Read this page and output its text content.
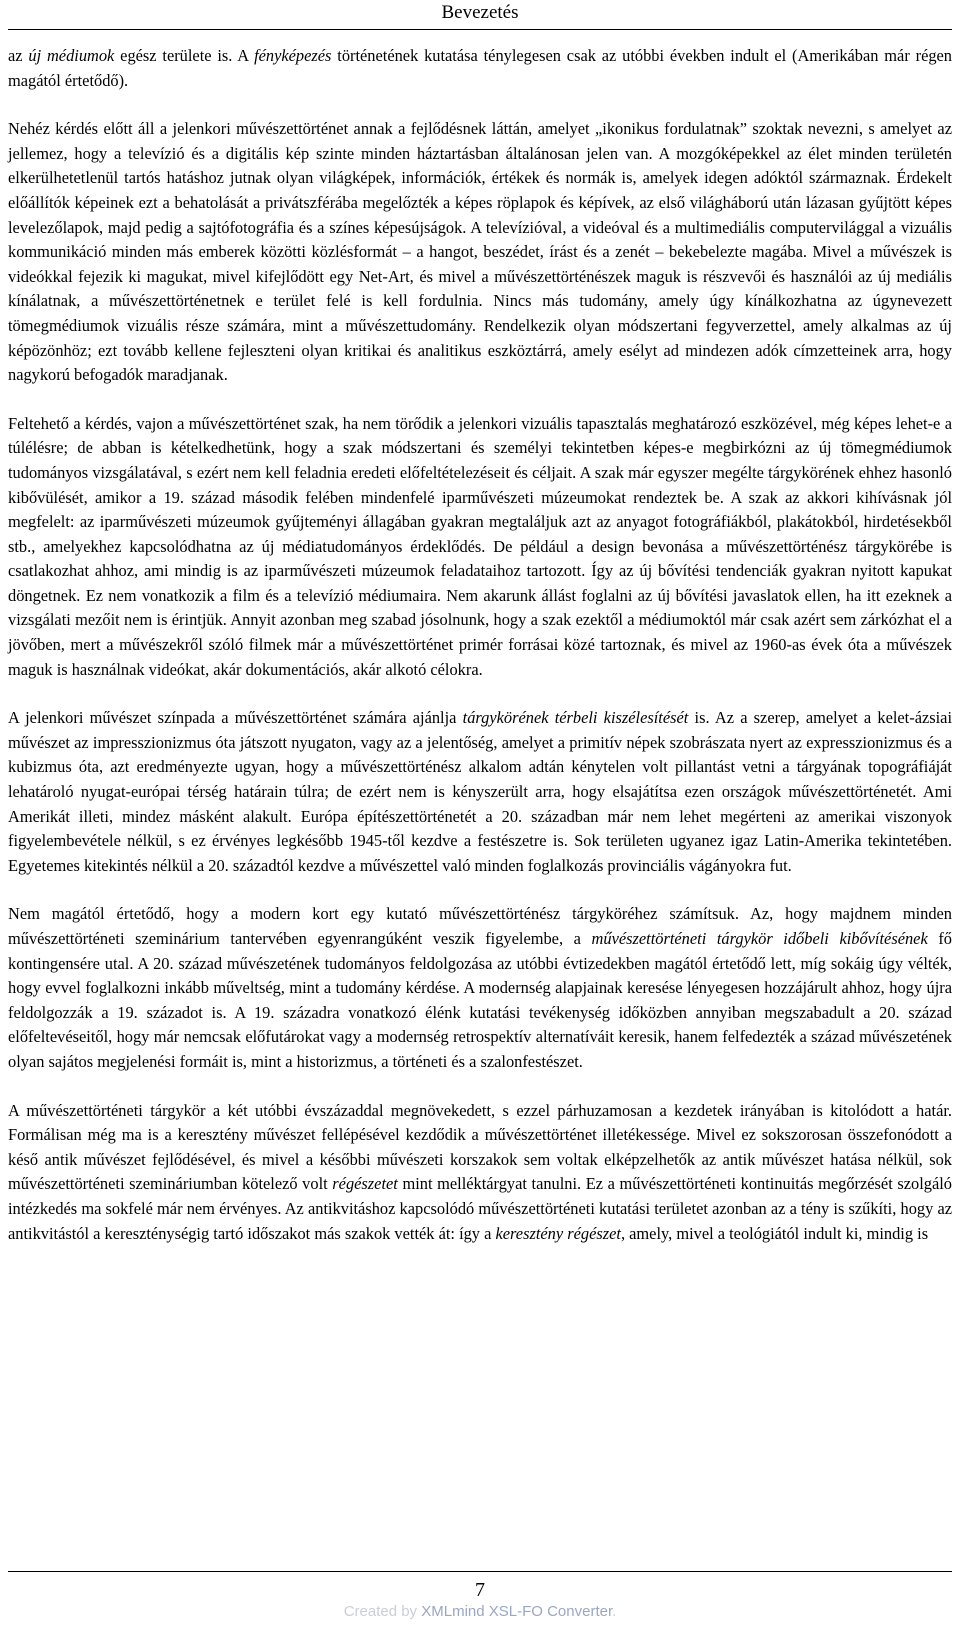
Bevezetés

az új médiumok egész területe is. A fényképezés történetének kutatása ténylegesen csak az utóbbi években indult el (Amerikában már régen magától értetődő).

Nehéz kérdés előtt áll a jelenkori művészettörténet annak a fejlődésnek láttán, amelyet „ikonikus fordulatnak” szoktak nevezni, s amelyet az jellemez, hogy a televízió és a digitális kép szinte minden háztartásban általánosan jelen van. A mozgóképekkel az élet minden területén elkerülhetetlenül tartós hatáshoz jutnak olyan világképek, információk, értékek és normák is, amelyek idegen adóktól származnak. Érdekelt előállítók képeinek ezt a behatolását a privátszférába megelőzték a képes röplapok és képívek, az első világháború után lázasan gyűjtött képes levelezőlapok, majd pedig a sajtófotográfia és a színes képesújságok. A televízióval, a videóval és a multimediális computervilággal a vizuális kommunikáció minden más emberek közötti közlésformát – a hangot, beszédet, írást és a zenét – bekebelezte magába. Mivel a művészek is videókkal fejezik ki magukat, mivel kifejlődött egy Net-Art, és mivel a művészettörténészek maguk is részvevői és használói az új mediális kínálatnak, a művészettörténetnek e terület felé is kell fordulnia. Nincs más tudomány, amely úgy kínálkozhatna az úgynevezett tömegmédiumok vizuális része számára, mint a művészettudomány. Rendelkezik olyan módszertani fegyverzettel, amely alkalmas az új képözönhöz; ezt tovább kellene fejleszteni olyan kritikai és analitikus eszköztárrá, amely esélyt ad mindezen adók címzetteinek arra, hogy nagykorú befogadók maradjanak.

Feltehető a kérdés, vajon a művészettörténet szak, ha nem törődik a jelenkori vizuális tapasztalás meghatározó eszközével, még képes lehet-e a túlélésre; de abban is kételkedhetünk, hogy a szak módszertani és személyi tekintetben képes-e megbirkózni az új tömegmédiumok tudományos vizsgálatával, s ezért nem kell feladnia eredeti előfeltételezéseit és céljait. A szak már egyszer megélte tárgykörének ehhez hasonló kibővülését, amikor a 19. század második felében mindenfelé iparművészeti múzeumokat rendeztek be. A szak az akkori kihívásnak jól megfelelt: az iparművészeti múzeumok gyűjteményi állagában gyakran megtaláljuk azt az anyagot fotográfiákból, plakátokból, hirdetésekből stb., amelyekhez kapcsolódhatna az új médiatudományos érdeklődés. De például a design bevonása a művészettörténész tárgykörébe is csatlakozhat ahhoz, ami mindig is az iparművészeti múzeumok feladataihoz tartozott. Így az új bővítési tendenciák gyakran nyitott kapukat döngetnek. Ez nem vonatkozik a film és a televízió médiumaira. Nem akarunk állást foglalni az új bővítési javaslatok ellen, ha itt ezeknek a vizsgálati mezőit nem is érintjük. Annyit azonban meg szabad jósolnunk, hogy a szak ezektől a médiumoktól már csak azért sem zárkózhat el a jövőben, mert a művészekről szóló filmek már a művészettörténet primér forrásai közé tartoznak, és mivel az 1960-as évek óta a művészek maguk is használnak videókat, akár dokumentációs, akár alkotó célokra.

A jelenkori művészet színpada a művészettörténet számára ajánlja tárgykörének térbeli kiszélesítését is. Az a szerep, amelyet a kelet-ázsiai művészet az impresszionizmus óta játszott nyugaton, vagy az a jelentőség, amelyet a primitív népek szobrászata nyert az expresszionizmus és a kubizmus óta, azt eredményezte ugyan, hogy a művészettörténész alkalom adtán kénytelen volt pillantást vetni a tárgyának topográfiáját lehatároló nyugat-európai térség határain túlra; de ezért nem is kényszerült arra, hogy elsajátítsa ezen országok művészettörténetét. Ami Amerikát illeti, mindez másként alakult. Európa építészettörténetét a 20. században már nem lehet megérteni az amerikai viszonyok figyelembevétele nélkül, s ez érvényes legkésőbb 1945-től kezdve a festészetre is. Sok területen ugyanez igaz Latin-Amerika tekintetében. Egyetemes kitekintés nélkül a 20. századtól kezdve a művészettel való minden foglalkozás provinciális vágányokra fut.

Nem magától értetődő, hogy a modern kort egy kutató művészettörténész tárgyköréhez számítsuk. Az, hogy majdnem minden művészettörténeti szeminárium tantervében egyenrangúként veszik figyelembe, a művészettörténeti tárgykör időbeli kibővítésének fő kontingensére utal. A 20. század művészetének tudományos feldolgozása az utóbbi évtizedekben magától értetődő lett, míg sokáig úgy vélték, hogy evvel foglalkozni inkább műveltség, mint a tudomány kérdése. A modernség alapjainak keresése lényegesen hozzájárult ahhoz, hogy újra feldolgozzák a 19. századot is. A 19. századra vonatkozó élénk kutatási tevékenység időközben annyiban megszabadult a 20. század előfeltevéseitől, hogy már nemcsak előfutárokat vagy a modernség retrospektív alternatíváit keresik, hanem felfedezték a század művészetének olyan sajátos megjelenési formáit is, mint a historizmus, a történeti és a szalonfestészet.

A művészettörténeti tárgykör a két utóbbi évszázaddal megnövekedett, s ezzel párhuzamosan a kezdetek irányában is kitolódott a határ. Formálisan még ma is a keresztény művészet fellépésével kezdődik a művészettörténet illetékessége. Mivel ez sokszorosan összefonódott a késő antik művészet fejlődésével, és mivel a későbbi művészeti korszakok sem voltak elképzelhetők az antik művészet hatása nélkül, sok művészettörténeti szemináriumban kötelező volt régészetet mint melléktárgyat tanulni. Ez a művészettörténeti kontinuitás megőrzését szolgáló intézkedés ma sokfelé már nem érvényes. Az antikvitáshoz kapcsolódó művészettörténeti kutatási területet azonban az a tény is szűkíti, hogy az antikvitástól a kereszténységig tartó időszakot más szakok vették át: így a keresztény régészet, amely, mivel a teológiától indult ki, mindig is

7
Created by XMLmind XSL-FO Converter.
